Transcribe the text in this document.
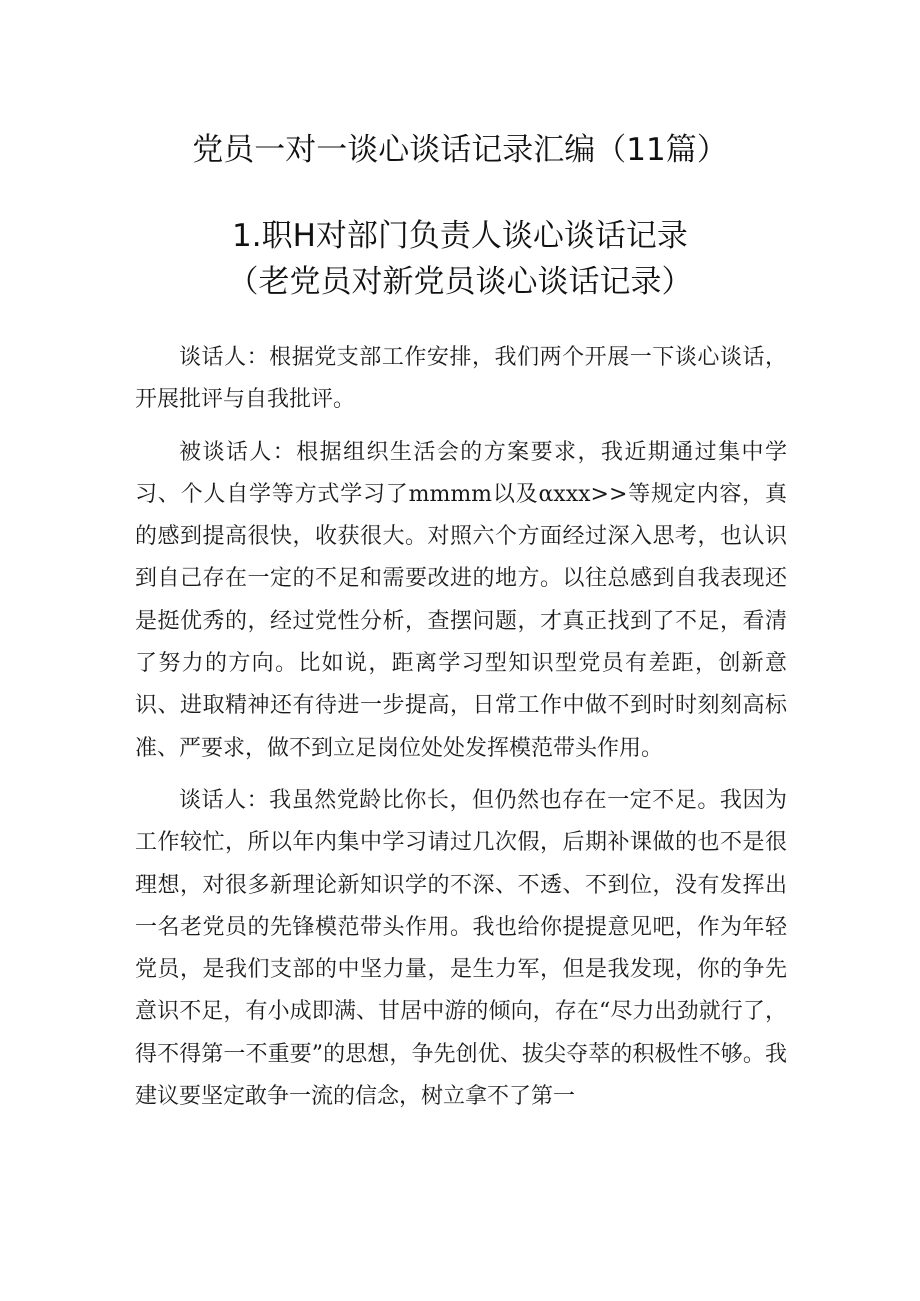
党员一对一谈心谈话记录汇编（11篇）
1.职H对部门负责人谈心谈话记录
（老党员对新党员谈心谈话记录）

谈话人：根据党支部工作安排，我们两个开展一下谈心谈话，开展批评与自我批评。

被谈话人：根据组织生活会的方案要求，我近期通过集中学习、个人自学等方式学习了mmmm以及αxxx>>等规定内容，真的感到提高很快，收获很大。对照六个方面经过深入思考，也认识到自己存在一定的不足和需要改进的地方。以往总感到自我表现还是挺优秀的，经过党性分析，查摆问题，才真正找到了不足，看清了努力的方向。比如说，距离学习型知识型党员有差距，创新意识、进取精神还有待进一步提高，日常工作中做不到时时刻刻高标准、严要求，做不到立足岗位处处发挥模范带头作用。

谈话人：我虽然党龄比你长，但仍然也存在一定不足。我因为工作较忙，所以年内集中学习请过几次假，后期补课做的也不是很理想，对很多新理论新知识学的不深、不透、不到位，没有发挥出一名老党员的先锋模范带头作用。我也给你提提意见吧，作为年轻党员，是我们支部的中坚力量，是生力军，但是我发现，你的争先意识不足，有小成即满、甘居中游的倾向，存在“尽力出劲就行了，得不得第一不重要”的思想，争先创优、拔尖夺萃的积极性不够。我建议要坚定敢争一流的信念，树立拿不了第一
